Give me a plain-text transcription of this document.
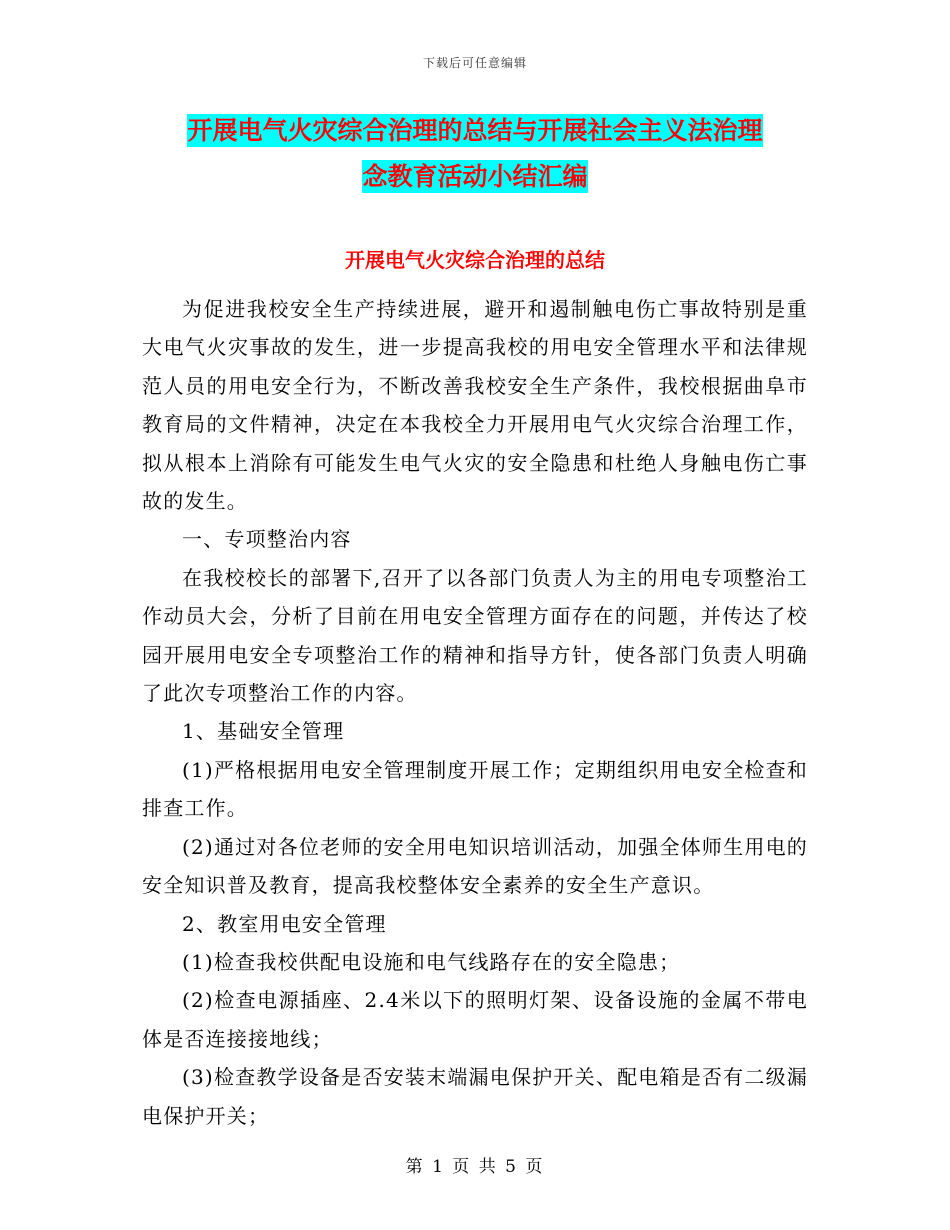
下载后可任意编辑
开展电气火灾综合治理的总结与开展社会主义法治理
念教育活动小结汇编
开展电气火灾综合治理的总结

为促进我校安全生产持续进展，避开和遏制触电伤亡事故特别是重大电气火灾事故的发生，进一步提高我校的用电安全管理水平和法律规范人员的用电安全行为，不断改善我校安全生产条件，我校根据曲阜市教育局的文件精神，决定在本我校全力开展用电气火灾综合治理工作，拟从根本上消除有可能发生电气火灾的安全隐患和杜绝人身触电伤亡事故的发生。

一、专项整治内容

在我校校长的部署下,召开了以各部门负责人为主的用电专项整治工作动员大会，分析了目前在用电安全管理方面存在的问题，并传达了校园开展用电安全专项整治工作的精神和指导方针，使各部门负责人明确了此次专项整治工作的内容。

1、基础安全管理

(1)严格根据用电安全管理制度开展工作；定期组织用电安全检查和排查工作。

(2)通过对各位老师的安全用电知识培训活动，加强全体师生用电的安全知识普及教育，提高我校整体安全素养的安全生产意识。

2、教室用电安全管理

(1)检查我校供配电设施和电气线路存在的安全隐患；

(2)检查电源插座、2.4米以下的照明灯架、设备设施的金属不带电体是否连接接地线；

(3)检查教学设备是否安装末端漏电保护开关、配电箱是否有二级漏电保护开关；

第 1 页 共 5 页
